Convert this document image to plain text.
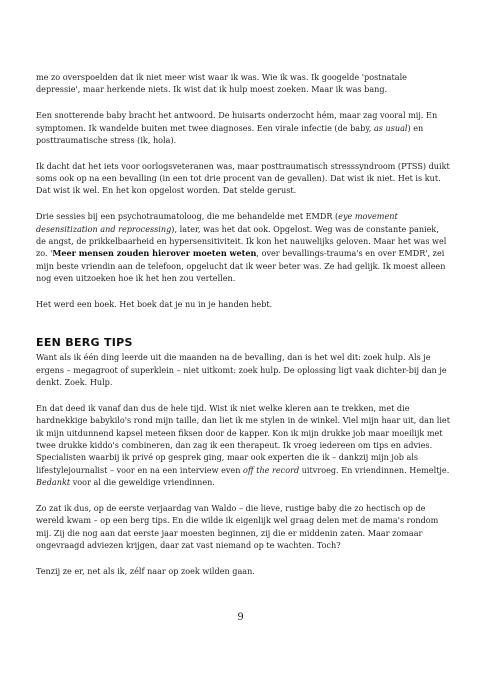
me zo overspoelden dat ik niet meer wist waar ik was. Wie ik was. Ik googelde 'postnatale depressie', maar herkende niets. Ik wist dat ik hulp moest zoeken. Maar ik was bang.

Een snotterende baby bracht het antwoord. De huisarts onderzocht hém, maar zag vooral mij. En symptomen. Ik wandelde buiten met twee diagnoses. Een virale infectie (de baby, as usual) en posttraumatische stress (ik, hola).

Ik dacht dat het iets voor oorlogsveteranen was, maar posttraumatisch stresssyndroom (PTSS) duikt soms ook op na een bevalling (in een tot drie procent van de gevallen). Dat wist ik niet. Het is kut. Dat wist ik wel. En het kon opgelost worden. Dat stelde gerust.

Drie sessies bij een psychotraumatoloog, die me behandelde met EMDR (eye movement desensitization and reprocessing), later, was het dat ook. Opgelost. Weg was de constante paniek, de angst, de prikkelbaarheid en hypersensitiviteit. Ik kon het nauwelijks geloven. Maar het was wel zo. 'Meer mensen zouden hierover moeten weten, over bevallings-trauma's en over EMDR', zei mijn beste vriendin aan de telefoon, opgelucht dat ik weer beter was. Ze had gelijk. Ik moest alleen nog even uitzoeken hoe ik het hen zou vertellen.

Het werd een boek. Het boek dat je nu in je handen hebt.

EEN BERG TIPS

Want als ik één ding leerde uit die maanden na de bevalling, dan is het wel dit: zoek hulp. Als je ergens – megagroot of superklein – niet uitkomt: zoek hulp. De oplossing ligt vaak dichter-bij dan je denkt. Zoek. Hulp.

En dat deed ik vanaf dan dus de hele tijd. Wist ik niet welke kleren aan te trekken, met die hardnekkige babykilo's rond mijn taille, dan liet ik me stylen in de winkel. Viel mijn haar uit, dan liet ik mijn uitdunnend kapsel meteen fiksen door de kapper. Kon ik mijn drukke job maar moeilijk met twee drukke kiddo's combineren, dan zag ik een therapeut. Ik vroeg iedereen om tips en advies. Specialisten waarbij ik privé op gesprek ging, maar ook experten die ik – dankzij mijn job als lifestylejournalist – voor en na een interview even off the record uitvroeg. En vriendinnen. Hemeltje. Bedankt voor al die geweldige vriendinnen.

Zo zat ik dus, op de eerste verjaardag van Waldo – die lieve, rustige baby die zo hectisch op de wereld kwam – op een berg tips. En die wilde ik eigenlijk wel graag delen met de mama's rondom mij. Zij die nog aan dat eerste jaar moesten beginnen, zij die er middenin zaten. Maar zomaar ongevraagd adviezen krijgen, daar zat vast niemand op te wachten. Toch?

Tenzij ze er, net als ik, zélf naar op zoek wilden gaan.

9
